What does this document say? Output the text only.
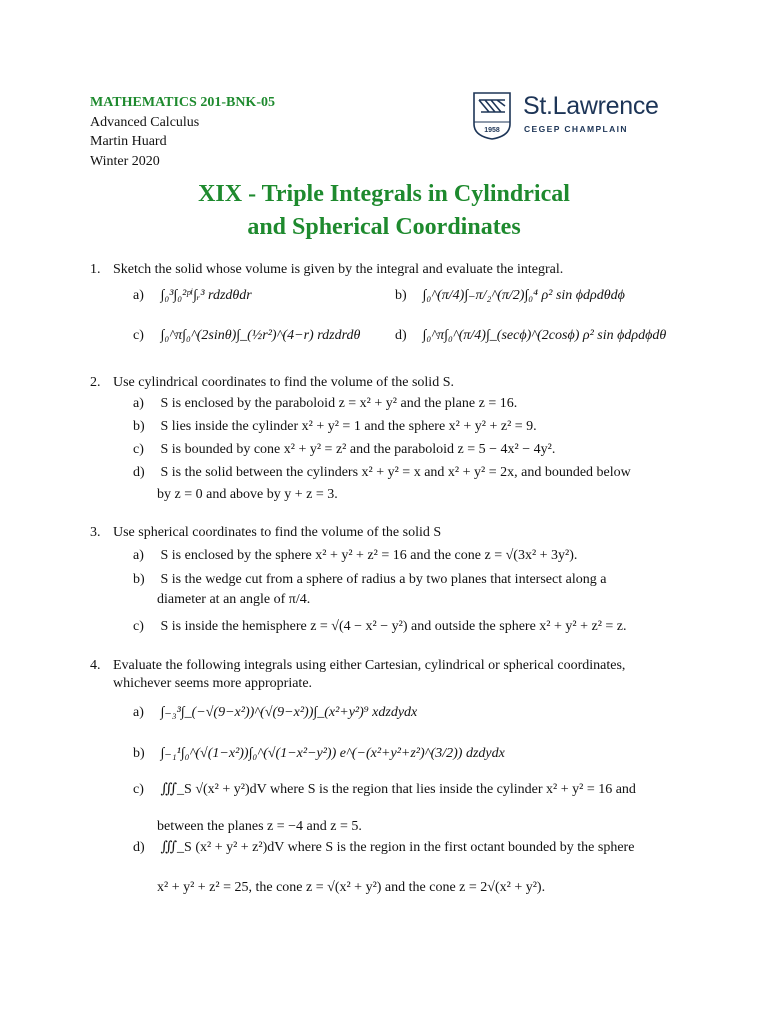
MATHEMATICS 201-BNK-05
Advanced Calculus
Martin Huard
Winter 2020
1958
St.Lawrence
CEGEP CHAMPLAIN
XIX - Triple Integrals in Cylindrical
and Spherical Coordinates
1. Sketch the solid whose volume is given by the integral and evaluate the integral.
a) ∫₀³∫₀²ᵖⁱ∫ᵣ³ rdzdθdr	b) ∫₀^(π/4)∫₋π/₂^(π/2)∫₀⁴ ρ² sin ϕdρdθdϕ
c) ∫₀^π∫₀^(2sinθ)∫_(½r²)^(4−r) rdzdrdθ d) ∫₀^π∫₀^(π/4)∫_(secϕ)^(2cosϕ) ρ² sin ϕdρdϕdθ
2. Use cylindrical coordinates to find the volume of the solid S.
a) S is enclosed by the paraboloid z = x² + y² and the plane z = 16.
b) S lies inside the cylinder x² + y² = 1 and the sphere x² + y² + z² = 9.
c) S is bounded by cone x² + y² = z² and the paraboloid z = 5 − 4x² − 4y².
d) S is the solid between the cylinders x² + y² = x and x² + y² = 2x, and bounded below
by z = 0 and above by y + z = 3.
3. Use spherical coordinates to find the volume of the solid S
a) S is enclosed by the sphere x² + y² + z² = 16 and the cone z = √(3x² + 3y²).
b) S is the wedge cut from a sphere of radius a by two planes that intersect along a
diameter at an angle of π/4.
c) S is inside the hemisphere z = √(4 − x² − y²) and outside the sphere x² + y² + z² = z.
4. Evaluate the following integrals using either Cartesian, cylindrical or spherical coordinates,
whichever seems more appropriate.
a) ∫₋₃³∫_(−√(9−x²))^(√(9−x²))∫_(x²+y²)⁹ xdzdydx
b) ∫₋₁¹∫₀^(√(1−x²))∫₀^(√(1−x²−y²)) e^(−(x²+y²+z²)^(3/2)) dzdydx
c) ∭_S √(x² + y²)dV where S is the region that lies inside the cylinder x² + y² = 16 and
between the planes z = −4 and z = 5.
d) ∭_S (x² + y² + z²)dV where S is the region in the first octant bounded by the sphere
x² + y² + z² = 25, the cone z = √(x² + y²) and the cone z = 2√(x² + y²).
